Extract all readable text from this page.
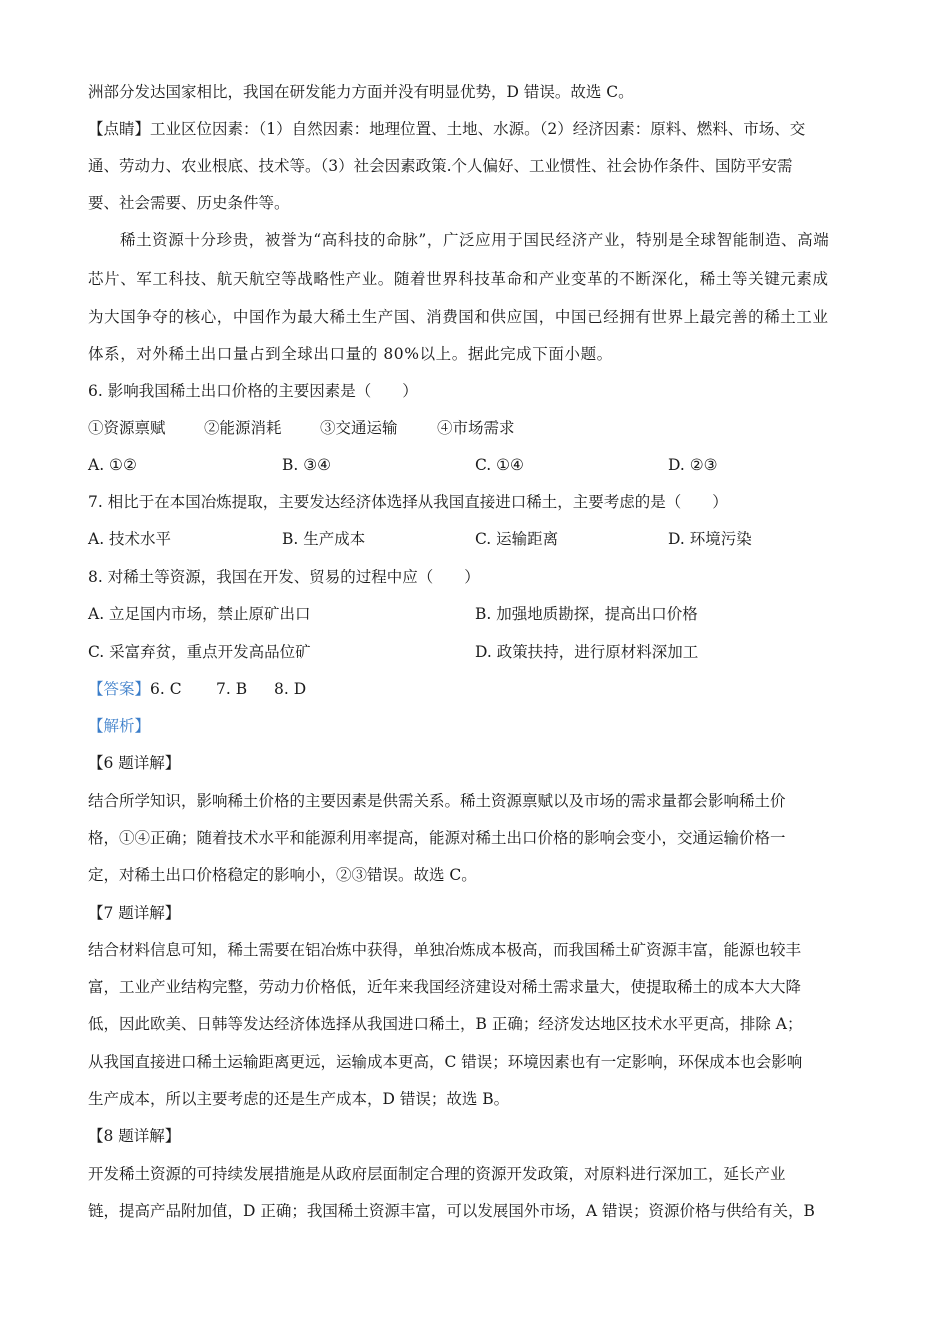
洲部分发达国家相比，我国在研发能力方面并没有明显优势，D 错误。故选 C。

【点睛】工业区位因素：（1）自然因素：地理位置、土地、水源。（2）经济因素：原料、燃料、市场、交

通、劳动力、农业根底、技术等。（3）社会因素政策.个人偏好、工业惯性、社会协作条件、国防平安需

要、社会需要、历史条件等。

稀土资源十分珍贵，被誉为“高科技的命脉”，广泛应用于国民经济产业，特别是全球智能制造、高端

芯片、军工科技、航天航空等战略性产业。随着世界科技革命和产业变革的不断深化，稀土等关键元素成

为大国争夺的核心，中国作为最大稀土生产国、消费国和供应国，中国已经拥有世界上最完善的稀土工业

体系，对外稀土出口量占到全球出口量的 80%以上。据此完成下面小题。

6. 影响我国稀土出口价格的主要因素是（　　）

①资源禀赋 ②能源消耗 ③交通运输	④市场需求
A. ①②	B. ③④	C. ①④	D. ②③

7. 相比于在本国冶炼提取，主要发达经济体选择从我国直接进口稀土，主要考虑的是（　　）

A. 技术水平	B. 生产成本	C. 运输距离	D. 环境污染

8. 对稀土等资源，我国在开发、贸易的过程中应（　　）

A. 立足国内市场，禁止原矿出口	B. 加强地质勘探，提高出口价格
C. 采富弃贫，重点开发高品位矿	D. 政策扶持，进行原材料深加工
【答案】 6. C 7. B 8. D

【解析】

【6 题详解】

结合所学知识，影响稀土价格的主要因素是供需关系。稀土资源禀赋以及市场的需求量都会影响稀土价

格，①④正确；随着技术水平和能源利用率提高，能源对稀土出口价格的影响会变小，交通运输价格一

定，对稀土出口价格稳定的影响小，②③错误。故选 C。

【7 题详解】

结合材料信息可知，稀土需要在铝冶炼中获得，单独冶炼成本极高，而我国稀土矿资源丰富，能源也较丰

富，工业产业结构完整，劳动力价格低，近年来我国经济建设对稀土需求量大，使提取稀土的成本大大降

低，因此欧美、日韩等发达经济体选择从我国进口稀土，B 正确；经济发达地区技术水平更高，排除 A；

从我国直接进口稀土运输距离更远，运输成本更高，C 错误；环境因素也有一定影响，环保成本也会影响

生产成本，所以主要考虑的还是生产成本，D 错误；故选 B。

【8 题详解】

开发稀土资源的可持续发展措施是从政府层面制定合理的资源开发政策，对原料进行深加工，延长产业

链，提高产品附加值，D 正确；我国稀土资源丰富，可以发展国外市场，A 错误；资源价格与供给有关，B
